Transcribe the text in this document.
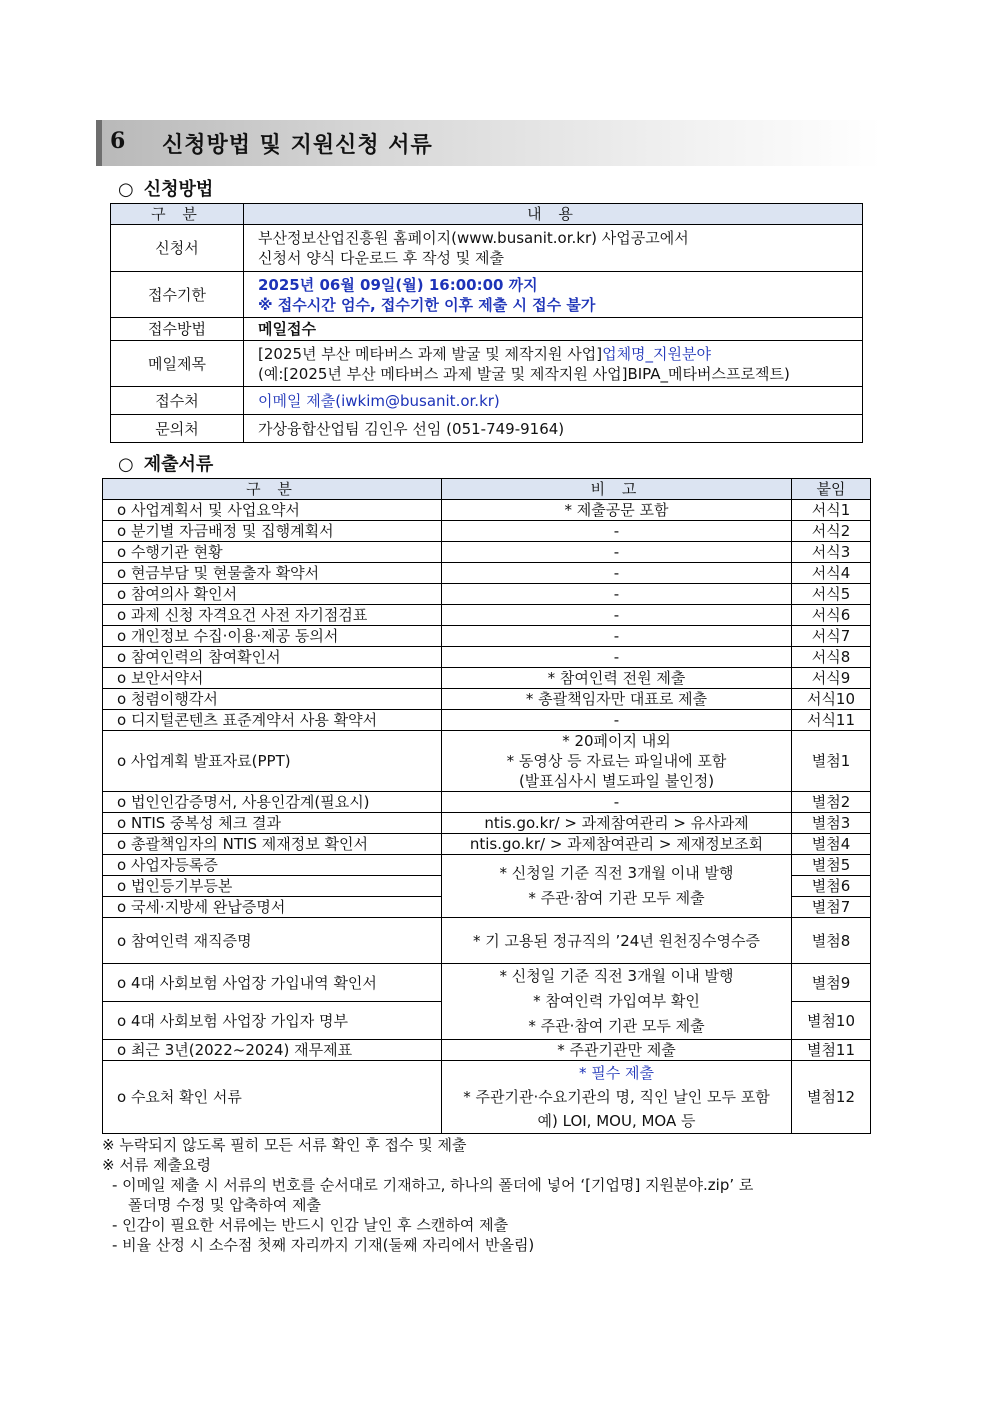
6 신청방법 및 지원신청 서류
○ 신청방법
구 분	내 용
신청서	부산정보산업진흥원 홈페이지(www.busanit.or.kr) 사업공고에서
신청서 양식 다운로드 후 작성 및 제출

접수기한	2025년 06월 09일(월) 16:00:00 까지
※ 접수시간 엄수, 접수기한 이후 제출 시 접수 불가

접수방법	메일접수
메일제목	[2025년 부산 메타버스 과제 발굴 및 제작지원 사업]업체명_지원분야
(예:[2025년 부산 메타버스 과제 발굴 및 제작지원 사업]BIPA_메타버스프로젝트)

접수처	이메일 제출(iwkim@busanit.or.kr)
문의처	가상융합산업팀 김인우 선임 (051-749-9164)
○ 제출서류
구 분	비 고	붙임
o 사업계획서 및 사업요약서	* 제출공문 포함	서식1
o 분기별 자금배정 및 집행계획서	-	서식2
o 수행기관 현황	-	서식3
o 현금부담 및 현물출자 확약서	-	서식4
o 참여의사 확인서	-	서식5
o 과제 신청 자격요건 사전 자기점검표	-	서식6
o 개인정보 수집·이용·제공 동의서	-	서식7
o 참여인력의 참여확인서	-	서식8
o 보안서약서	* 참여인력 전원 제출	서식9
o 청렴이행각서	* 총괄책임자만 대표로 제출	서식10
o 디지털콘텐츠 표준계약서 사용 확약서	-	서식11
o 사업계획 발표자료(PPT)	* 20페이지 내외
* 동영상 등 자료는 파일내에 포함
(발표심사시 별도파일 불인정)	별첨1
o 법인인감증명서, 사용인감계(필요시)	-	별첨2
o NTIS 중복성 체크 결과	ntis.go.kr/ > 과제참여관리 > 유사과제	별첨3
o 총괄책임자의 NTIS 제재정보 확인서	ntis.go.kr/ > 과제참여관리 > 제재정보조회	별첨4
o 사업자등록증	* 신청일 기준 직전 3개월 이내 발행
* 주관·참여 기관 모두 제출	별첨5
o 법인등기부등본		별첨6
o 국세·지방세 완납증명서		별첨7
o 참여인력 재직증명	* 기 고용된 정규직의 ’24년 원천징수영수증	별첨8
o 4대 사회보험 사업장 가입내역 확인서	* 신청일 기준 직전 3개월 이내 발행
* 참여인력 가입여부 확인
* 주관·참여 기관 모두 제출	별첨9
o 4대 사회보험 사업장 가입자 명부		별첨10
o 최근 3년(2022~2024) 재무제표	* 주관기관만 제출	별첨11
o 수요처 확인 서류	* 필수 제출
* 주관기관·수요기관의 명, 직인 날인 모두 포함
예) LOI, MOU, MOA 등	별첨12
※ 누락되지 않도록 필히 모든 서류 확인 후 접수 및 제출
※ 서류 제출요령
- 이메일 제출 시 서류의 번호를 순서대로 기재하고, 하나의 폴더에 넣어 ‘[기업명] 지원분야.zip’ 로
폴더명 수정 및 압축하여 제출
- 인감이 필요한 서류에는 반드시 인감 날인 후 스캔하여 제출
- 비율 산정 시 소수점 첫째 자리까지 기재(둘째 자리에서 반올림)
